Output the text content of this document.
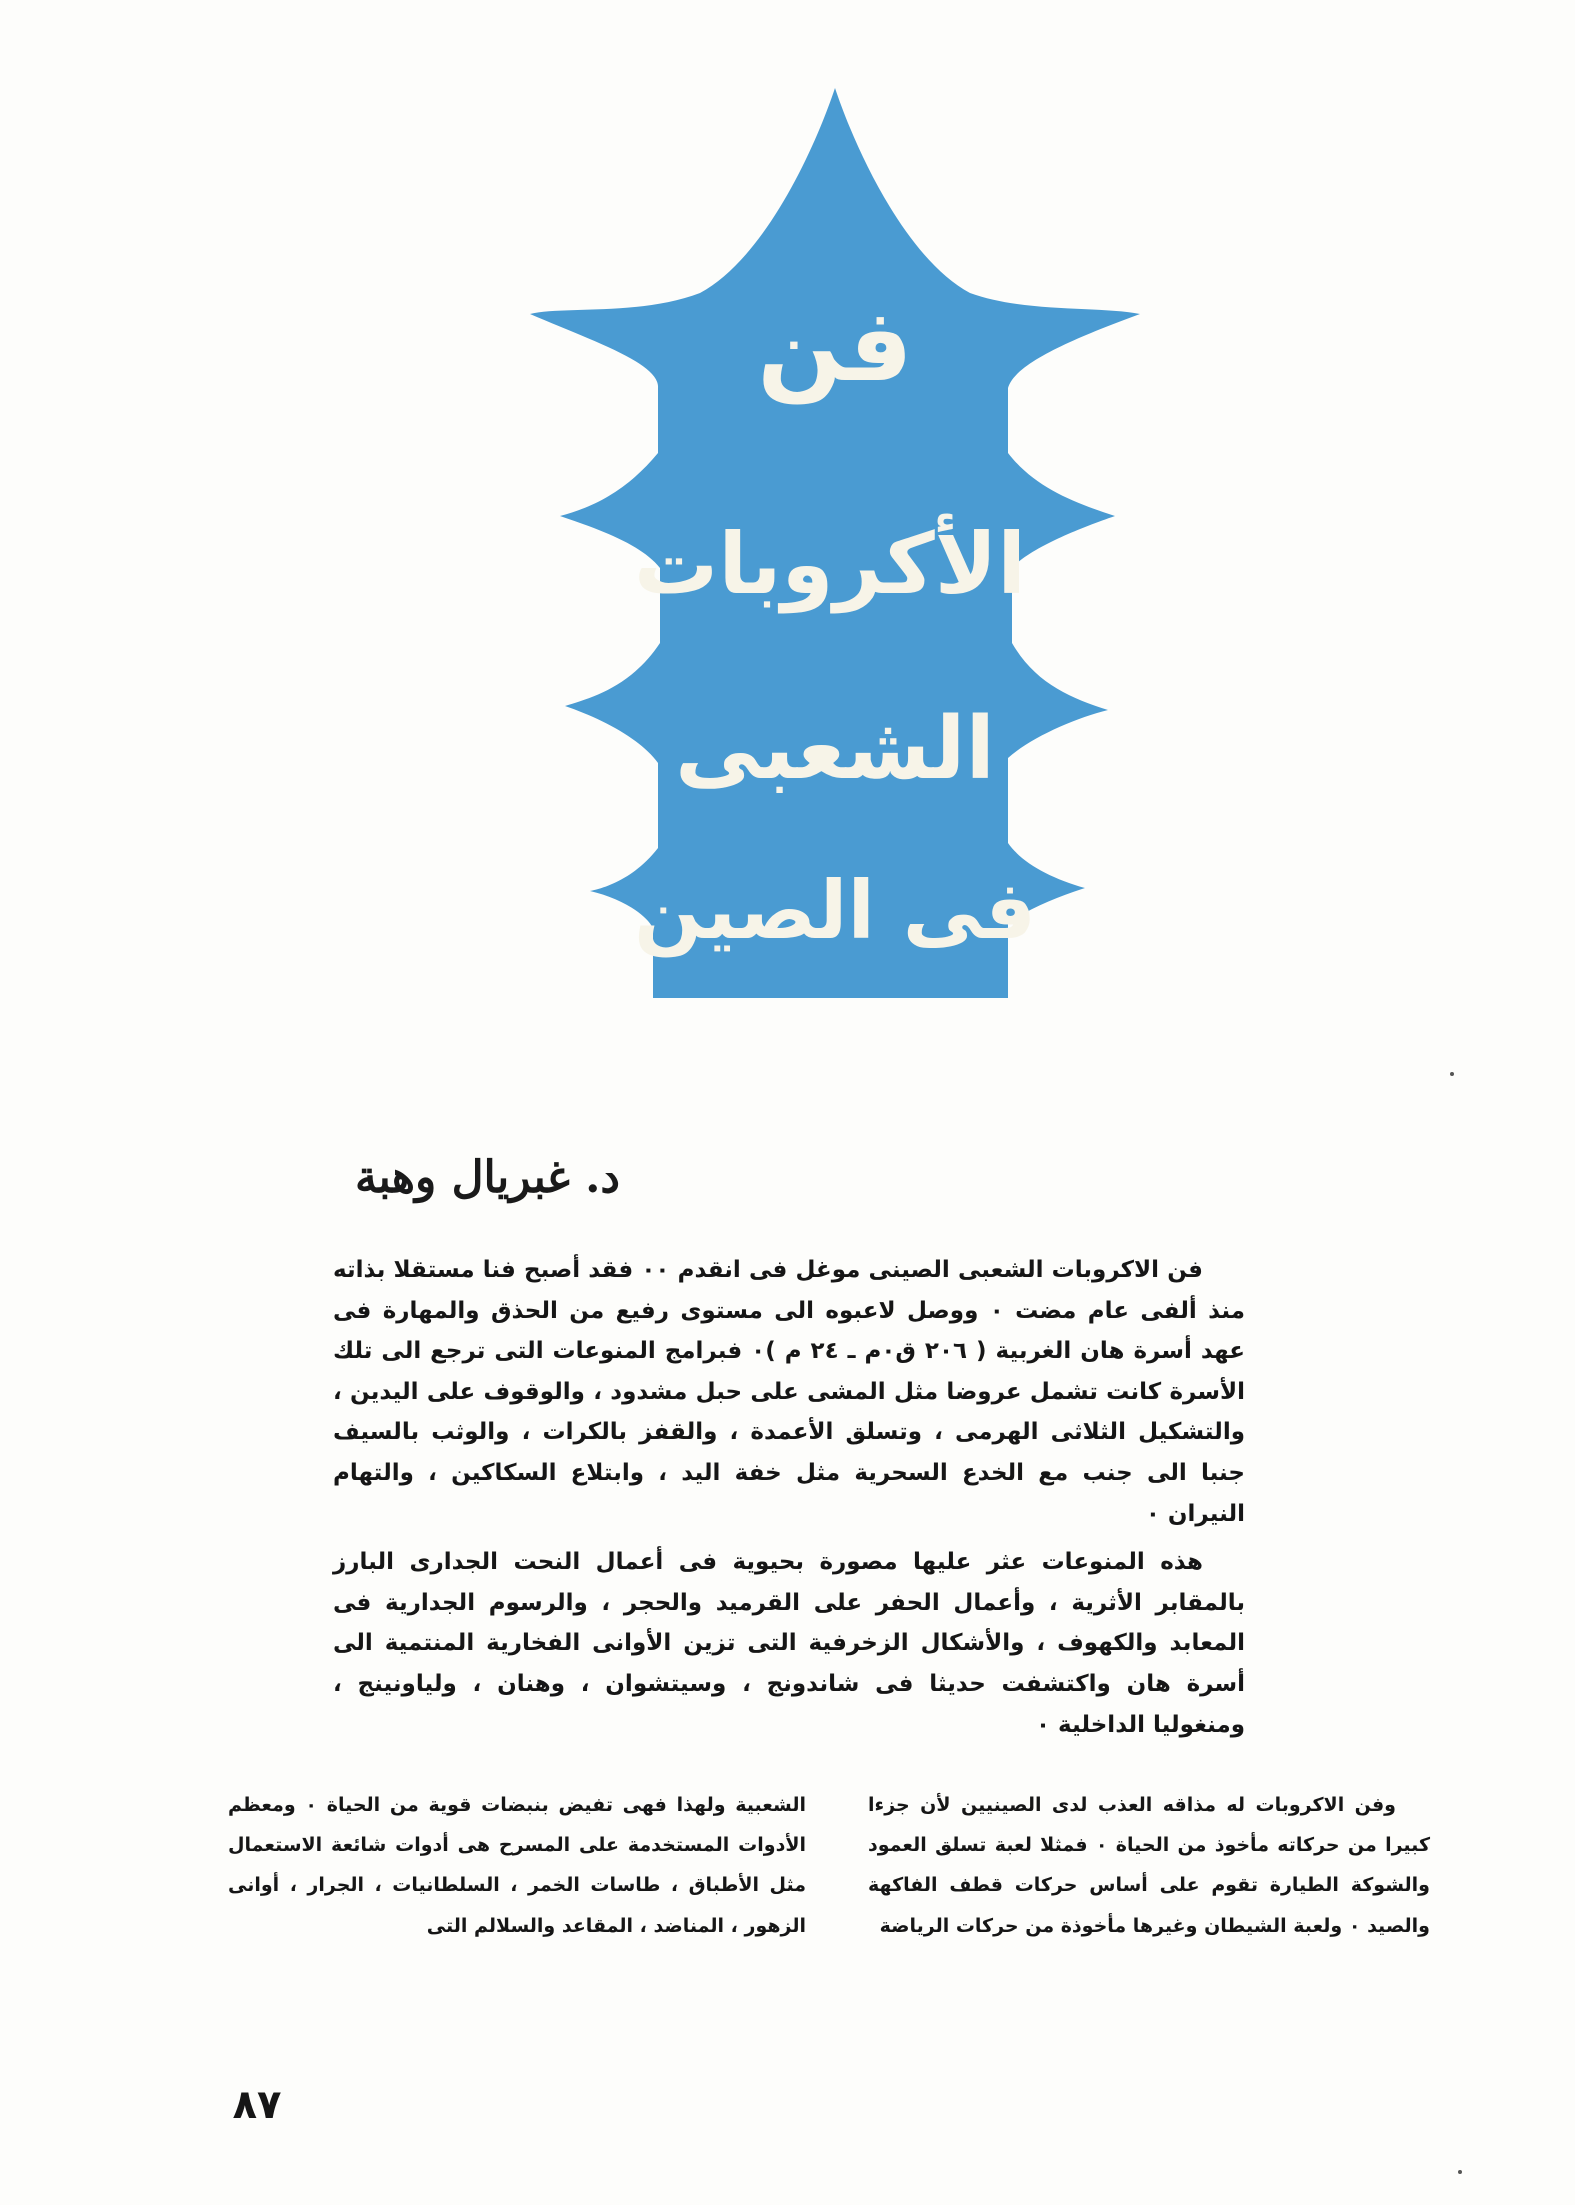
فن
الأكروبات
الشعبى
فى الصين
د. غبريال وهبة

فن الاكروبات الشعبى الصينى موغل فى انقدم ٠٠ فقد أصبح فنا مستقلا بذاته منذ ألفى عام مضت ٠ ووصل لاعبوه الى مستوى رفيع من الحذق والمهارة فى عهد أسرة هان الغربية ( ٢٠٦ ق٠م ـ ٢٤ م )٠ فبرامج المنوعات التى ترجع الى تلك الأسرة كانت تشمل عروضا مثل المشى على حبل مشدود ، والوقوف على اليدين ، والتشكيل الثلاثى الهرمى ، وتسلق الأعمدة ، والقفز بالكرات ، والوثب بالسيف جنبا الى جنب مع الخدع السحرية مثل خفة اليد ، وابتلاع السكاكين ، والتهام النيران ٠

هذه المنوعات عثر عليها مصورة بحيوية فى أعمال النحت الجدارى البارز بالمقابر الأثرية ، وأعمال الحفر على القرميد والحجر ، والرسوم الجدارية فى المعابد والكهوف ، والأشكال الزخرفية التى تزين الأوانى الفخارية المنتمية الى أسرة هان واكتشفت حديثا فى شاندونج ، وسيتشوان ، وهنان ، ولياونينج ، ومنغوليا الداخلية ٠

وفن الاكروبات له مذاقه العذب لدى الصينيين لأن جزءا كبيرا من حركاته مأخوذ من الحياة ٠ فمثلا لعبة تسلق العمود والشوكة الطيارة تقوم على أساس حركات قطف الفاكهة والصيد ٠ ولعبة الشيطان وغيرها مأخوذة من حركات الرياضة

الشعبية ولهذا فهى تفيض بنبضات قوية من الحياة ٠ ومعظم الأدوات المستخدمة على المسرح هى أدوات شائعة الاستعمال مثل الأطباق ، طاسات الخمر ، السلطانيات ، الجرار ، أوانى الزهور ، المناضد ، المقاعد والسلالم التى

٨٧
